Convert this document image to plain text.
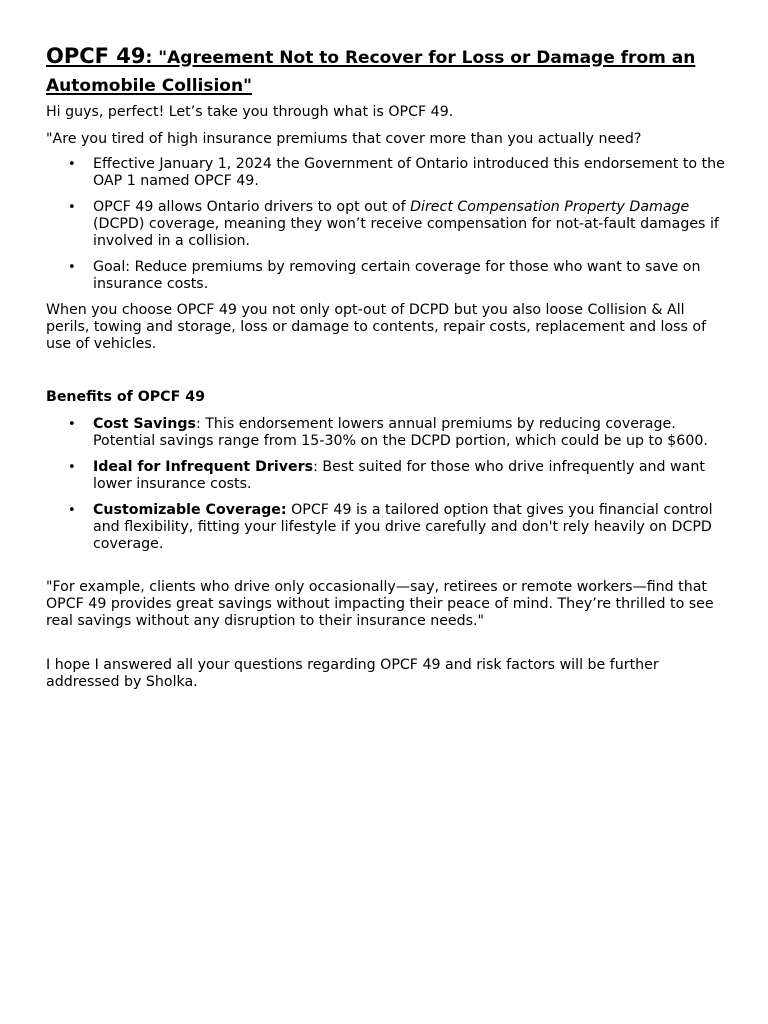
OPCF 49: "Agreement Not to Recover for Loss or Damage from an Automobile Collision"

Hi guys, perfect! Let’s take you through what is OPCF 49.

"Are you tired of high insurance premiums that cover more than you actually need?

• Effective January 1, 2024 the Government of Ontario introduced this endorsement to the OAP 1 named OPCF 49.
• OPCF 49 allows Ontario drivers to opt out of Direct Compensation Property Damage (DCPD) coverage, meaning they won’t receive compensation for not-at-fault damages if involved in a collision.
• Goal: Reduce premiums by removing certain coverage for those who want to save on insurance costs.

When you choose OPCF 49 you not only opt-out of DCPD but you also loose Collision & All perils, towing and storage, loss or damage to contents, repair costs, replacement and loss of use of vehicles.

Benefits of OPCF 49

• Cost Savings: This endorsement lowers annual premiums by reducing coverage. Potential savings range from 15-30% on the DCPD portion, which could be up to $600.
• Ideal for Infrequent Drivers: Best suited for those who drive infrequently and want lower insurance costs.
• Customizable Coverage: OPCF 49 is a tailored option that gives you financial control and flexibility, fitting your lifestyle if you drive carefully and don't rely heavily on DCPD coverage.

"For example, clients who drive only occasionally—say, retirees or remote workers—find that OPCF 49 provides great savings without impacting their peace of mind. They’re thrilled to see real savings without any disruption to their insurance needs."

I hope I answered all your questions regarding OPCF 49 and risk factors will be further addressed by Sholka.
